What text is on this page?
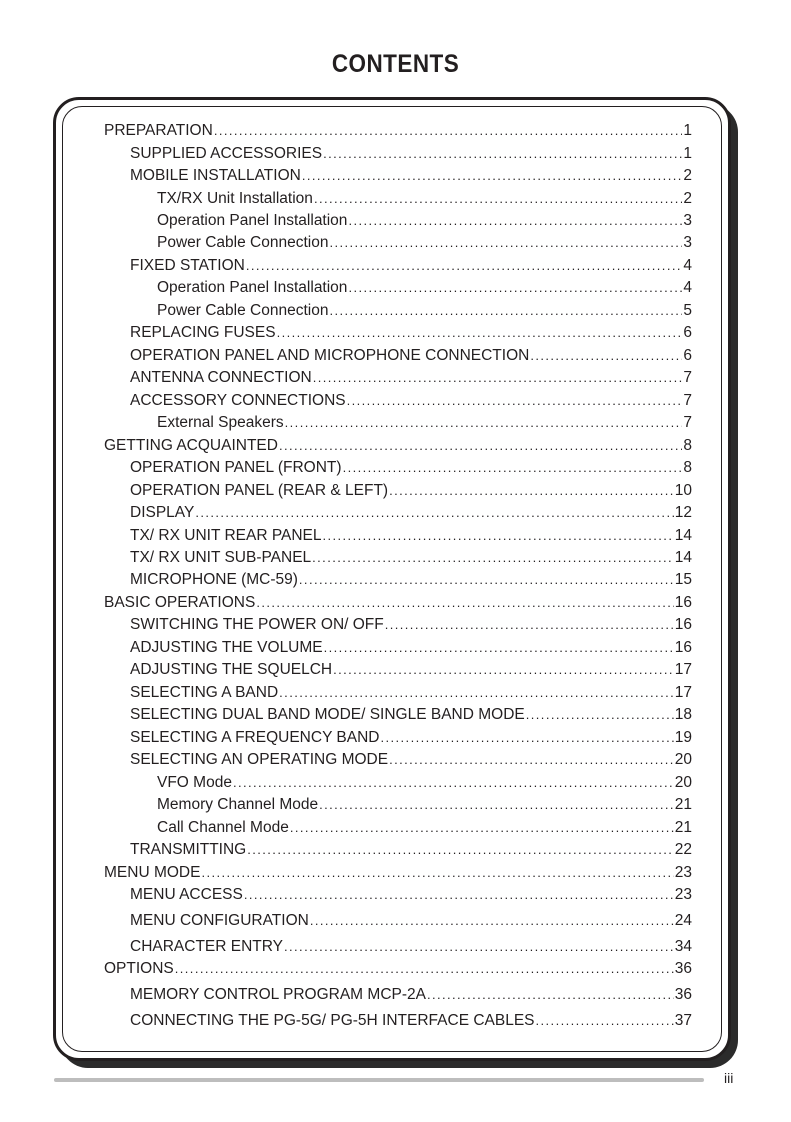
CONTENTS
PREPARATION .....	1
SUPPLIED ACCESSORIES .....	1
MOBILE INSTALLATION .....	2
TX/RX Unit Installation .....	2
Operation Panel Installation .....	3
Power Cable Connection .....	3
FIXED STATION .....	4
Operation Panel Installation .....	4
Power Cable Connection .....	5
REPLACING FUSES .....	6
OPERATION PANEL AND MICROPHONE CONNECTION .....	6
ANTENNA CONNECTION .....	7
ACCESSORY CONNECTIONS .....	7
External Speakers .....	7
GETTING ACQUAINTED .....	8
OPERATION PANEL (FRONT) .....	8
OPERATION PANEL (REAR & LEFT) .....	10
DISPLAY .....	12
TX/ RX UNIT REAR PANEL .....	14
TX/ RX UNIT SUB-PANEL .....	14
MICROPHONE (MC-59) .....	15
BASIC OPERATIONS .....	16
SWITCHING THE POWER ON/ OFF .....	16
ADJUSTING THE VOLUME .....	16
ADJUSTING THE SQUELCH .....	17
SELECTING A BAND .....	17
SELECTING DUAL BAND MODE/ SINGLE BAND MODE .....	18
SELECTING A FREQUENCY BAND .....	19
SELECTING AN OPERATING MODE .....	20
VFO Mode .....	20
Memory Channel Mode .....	21
Call Channel Mode .....	21
TRANSMITTING .....	22
MENU MODE .....	23
MENU ACCESS .....	23
MENU CONFIGURATION .....	24
CHARACTER ENTRY .....	34
OPTIONS .....	36
MEMORY CONTROL PROGRAM MCP-2A .....	36
CONNECTING THE PG-5G/ PG-5H INTERFACE CABLES .....	37
iii
